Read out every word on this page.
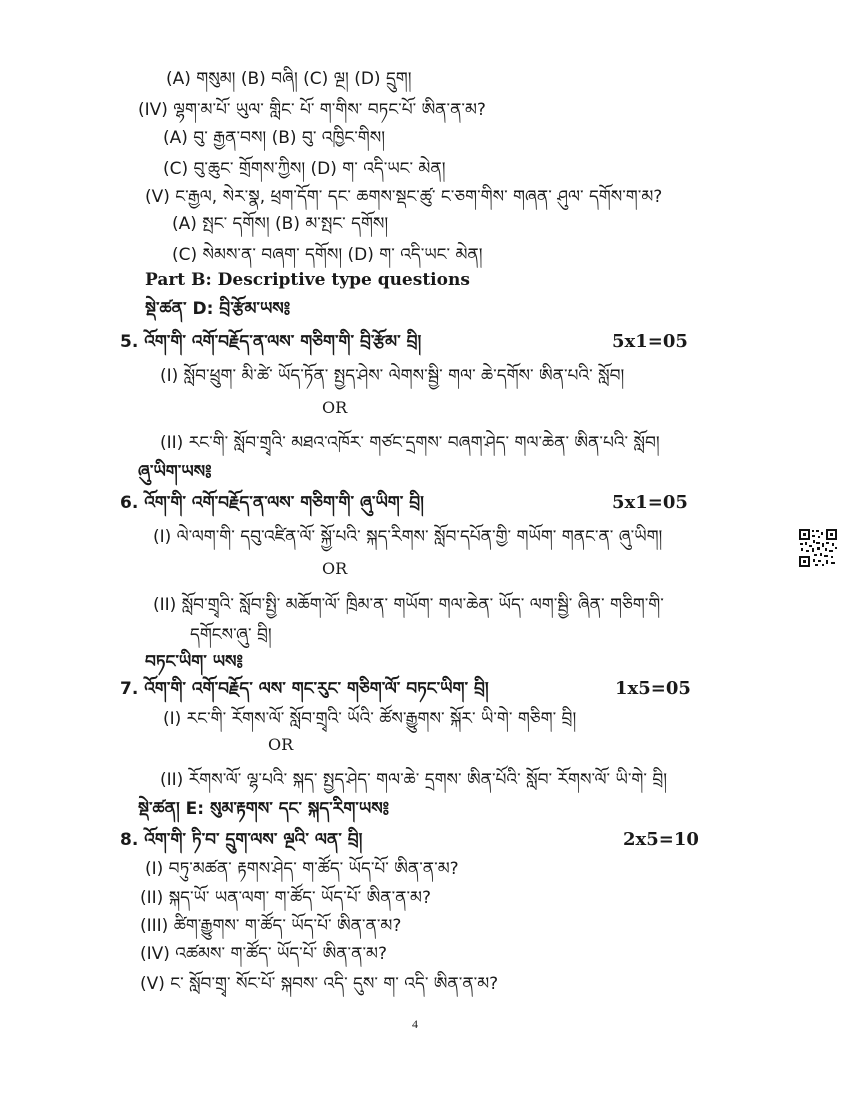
(A) གསུམ། (B) བཞི། (C) ལྔ། (D) དྲུག།
(IV) ལྷག་མ་པོ་ ཡུལ་ གླིང་ པོ་ ག་གིས་ བཏང་པོ་ ཨིན་ན་མ?
(A) བུ་ རྒྱན་བས། (B) བུ་ འཁྱིང་གིས།
(C) བུ་ཆུང་ གྲོགས་ཀྱིས། (D) ག་ འདི་ཡང་ མེན།
(V) ང་རྒྱལ, སེར་སྣ, ཕྲག་དོག་ དང་ ཆགས་སྡང་ཚུ་ ང་ཅག་གིས་ གཞན་ ཤུལ་ དགོས་ག་མ?
(A) སྤང་ དགོས། (B) མ་སྤང་ དགོས།
(C) སེམས་ན་ བཞག་ དགོས། (D) ག་ འདི་ཡང་ མེན།
Part B: Descriptive type questions
སྡེ་ཚན་ D: བྲི་རྩོམ་ཡས༔
5. འོག་གི་ འགོ་བརྗོད་ན་ལས་ གཅིག་གི་ བྲི་རྩོམ་ བྲི།	5x1=05
(I) སློབ་ཕྲུག་ མི་ཚེ་ ཡོད་ཏོན་ སྤྱད་ཤེས་ ལེགས་སྦྱི་ གལ་ ཆེ་དགོས་ ཨིན་པའི་ སློབ།
OR
(II) རང་གི་ སློབ་གྲྭའི་ མཐའ་འཁོར་ གཙང་དྲགས་ བཞག་ཤེད་ གལ་ཆེན་ ཨིན་པའི་ སློབ།
ཞུ་ཡིག་ཡས༔
6. འོག་གི་ འགོ་བརྗོད་ན་ལས་ གཅིག་གི་ ཞུ་ཡིག་ བྲི།	5x1=05
(I) ལེ་ལག་གི་ དབུ་འཛིན་ལོ་ སྐྱོ་པའི་ སྐད་རིགས་ སློབ་དཔོན་གྱི་ གཡོག་ གནང་ན་ ཞུ་ཡིག།
OR
(II) སློབ་གྲྭའི་ སློབ་སྤྱི་ མཆོག་ལོ་ ཁྲིམ་ན་ གཡོག་ གལ་ཆེན་ ཡོད་ ལག་སྦྱི་ ཞིན་ གཅིག་གི་
དགོངས་ཞུ་ བྲི།
བཏང་ཡིག་ ཡས༔
7. འོག་གི་ འགོ་བརྗོད་ ལས་ གང་རུང་ གཅིག་ལོ་ བཏང་ཡིག་ བྲི།	1x5=05
(I) རང་གི་ རོགས་ལོ་ སློབ་གྲྭའི་ ཡོའི་ ཚོས་རྒྱུགས་ སྐོར་ ཡི་གེ་ གཅིག་ བྲི།
OR
(II) རོགས་ལོ་ ལྷ་པའི་ སྐད་ སྤྱད་ཤེད་ གལ་ཆེ་ དྲགས་ ཨིན་པོའི་ སློབ་ རོགས་ལོ་ ཡི་གེ་ བྲི།
སྡེ་ཚན། E: སུམ་རྟགས་ དང་ སྐད་རིག་ཡས༔
8. འོག་གི་ ཏི་བ་ དྲུག་ལས་ ལྔའི་ ལན་ བྲི།	2x5=10
(I) བཏུ་མཚན་ རྟགས་ཤེད་ ག་ཚོད་ ཡོད་པོ་ ཨིན་ན་མ?
(II) སྐད་ཡོ་ ཡན་ལག་ ག་ཚོད་ ཡོད་པོ་ ཨིན་ན་མ?
(III) ཚིག་རྒྱུགས་ ག་ཚོད་ ཡོད་པོ་ ཨིན་ན་མ?
(IV) འཚམས་ ག་ཚོད་ ཡོད་པོ་ ཨིན་ན་མ?
(V) ང་ སློབ་གྲྭ་ སོང་པོ་ སྐབས་ འདི་ དུས་ ག་ འདི་ ཨིན་ན་མ?
4
